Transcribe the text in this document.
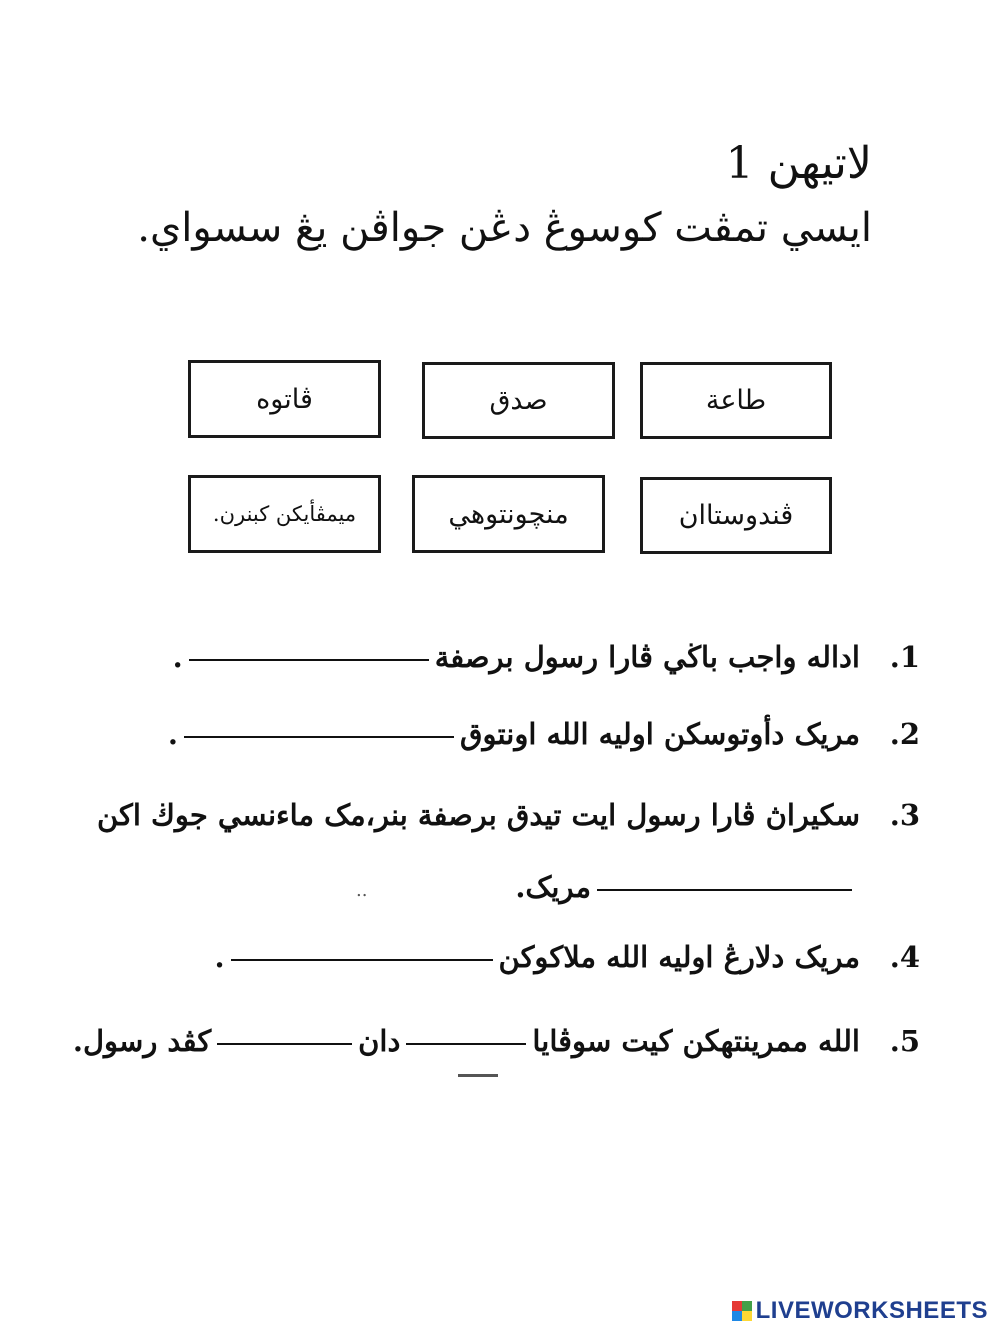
لاتيهن 1
ايسي تمڤت كوسوڠ دڠن جواڤن يڠ سسواي.
طاعة
صدق
ڤاتوه
ڤندوستاان
منچونتوهي
ميمڤأيكن كبنرن.
1.اداله واجب باڬي ڤارا رسول برصفة.
2.مريک دأوتوسكن اوليه الله اونتوق.
3.سكيراڽ ڤارا رسول ايت تيدق برصفة بنر،مک ماءنسي جوڬ اكن
مريک.
..
4.مريک دلارڠ اوليه الله ملاكوكن.
5.الله ممرينتهكن كيت سوڤايادانكڤد رسول.
LIVEWORKSHEETS
